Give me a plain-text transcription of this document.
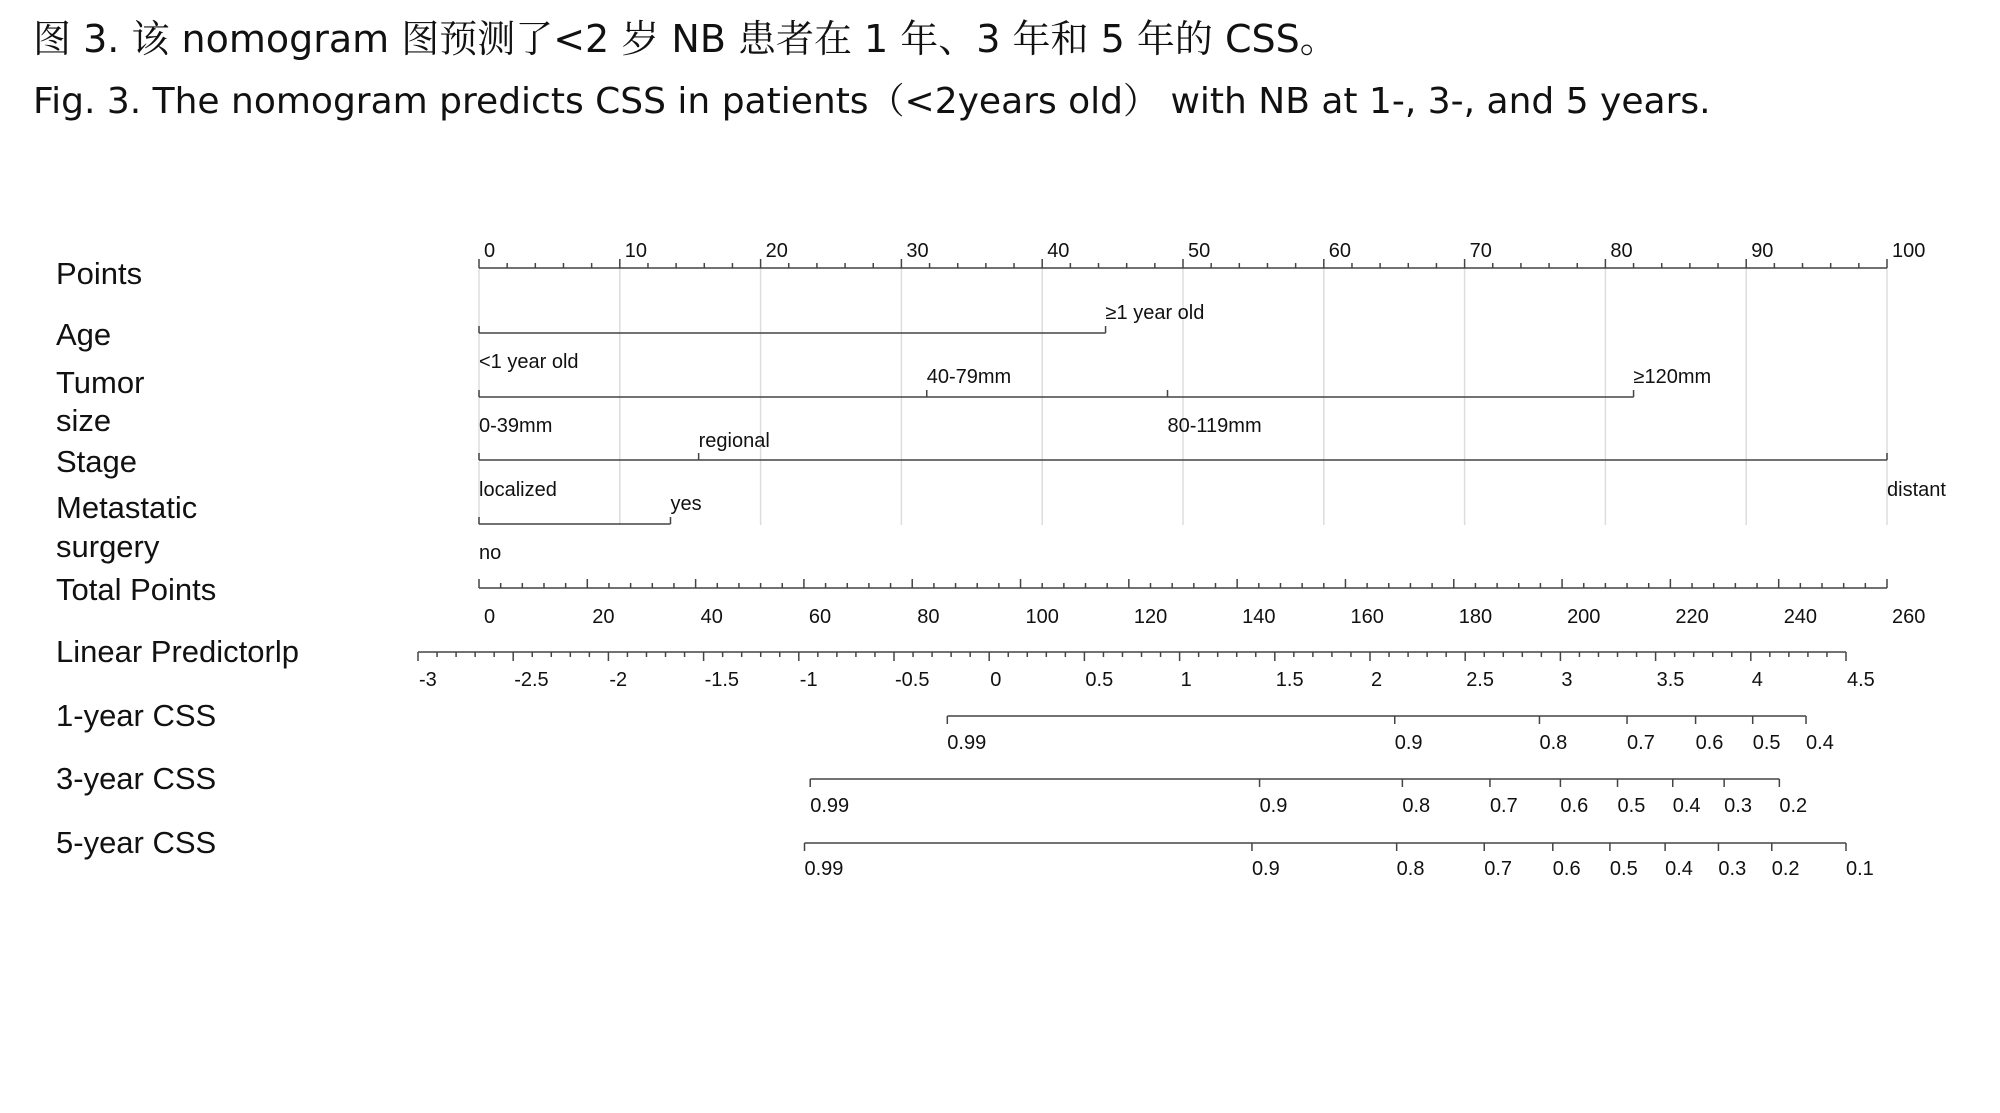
图 3. 该 nomogram 图预测了<2 岁 NB 患者在 1 年、3 年和 5 年的 CSS。
Fig. 3. The nomogram predicts CSS in patients（<2years old） with NB at 1-, 3-, and 5 years.
Points
0	10	20	30	40	50	60	70	80	90	100
Age
<1 year old
≥1 year old
Tumor
size	0-39mm
40-79mm
80-119mm
≥120mm
Stage
localized
regional
distant
Metastatic
surgery	no
yes
Total Points
0	20	40	60	80	100	120	140	160	180	200	220	240	260
Linear Predictorlp
-3	-2.5	-2	-1.5	-1	-0.5	0	0.5	1	1.5	2	2.5	3	3.5	4	4.5
1-year CSS
0.99	0.9	0.8	0.7 0.6 0.5 0.4
3-year CSS
0.99	0.9	0.8	0.7 0.6 0.5 0.4 0.3 0.2
5-year CSS
0.99	0.9	0.8	0.7 0.6 0.5 0.4 0.3 0.2 0.1
